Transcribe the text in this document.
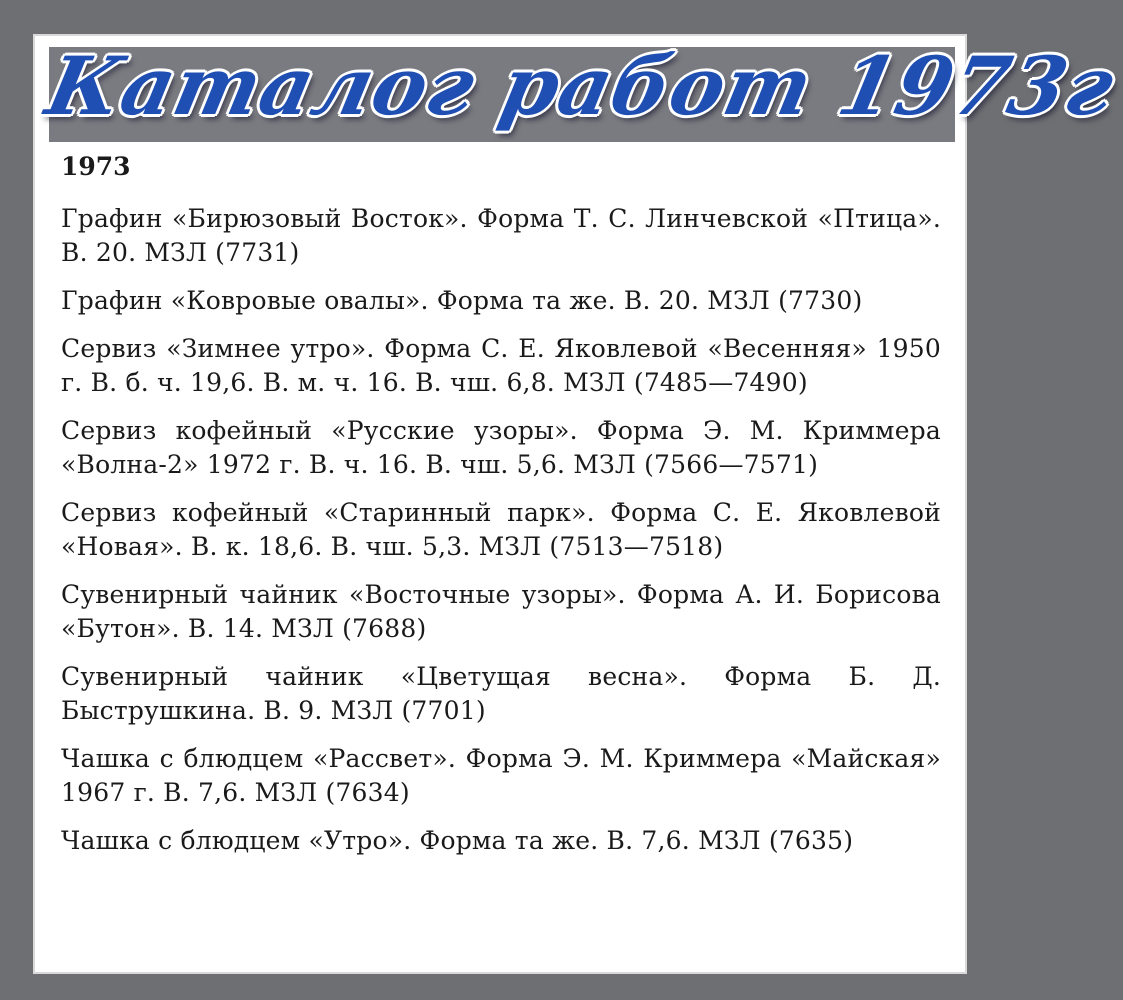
Каталог работ 1973г
1973

Графин «Бирюзовый Восток». Форма Т. С. Линчевской «Птица». В. 20. МЗЛ (7731)

Графин «Ковровые овалы». Форма та же. В. 20. МЗЛ (7730)

Сервиз «Зимнее утро». Форма С. Е. Яковлевой «Весенняя» 1950 г. В. б. ч. 19,6. В. м. ч. 16. В. чш. 6,8. МЗЛ (7485—7490)

Сервиз кофейный «Русские узоры». Форма Э. М. Криммера «Волна-2» 1972 г. В. ч. 16. В. чш. 5,6. МЗЛ (7566—7571)

Сервиз кофейный «Старинный парк». Форма С. Е. Яковлевой «Новая». В. к. 18,6. В. чш. 5,3. МЗЛ (7513—7518)

Сувенирный чайник «Восточные узоры». Форма А. И. Борисова «Бутон». В. 14. МЗЛ (7688)

Сувенирный чайник «Цветущая весна». Форма Б. Д. Быструшкина. В. 9. МЗЛ (7701)

Чашка с блюдцем «Рассвет». Форма Э. М. Криммера «Майская» 1967 г. В. 7,6. МЗЛ (7634)

Чашка с блюдцем «Утро». Форма та же. В. 7,6. МЗЛ (7635)
